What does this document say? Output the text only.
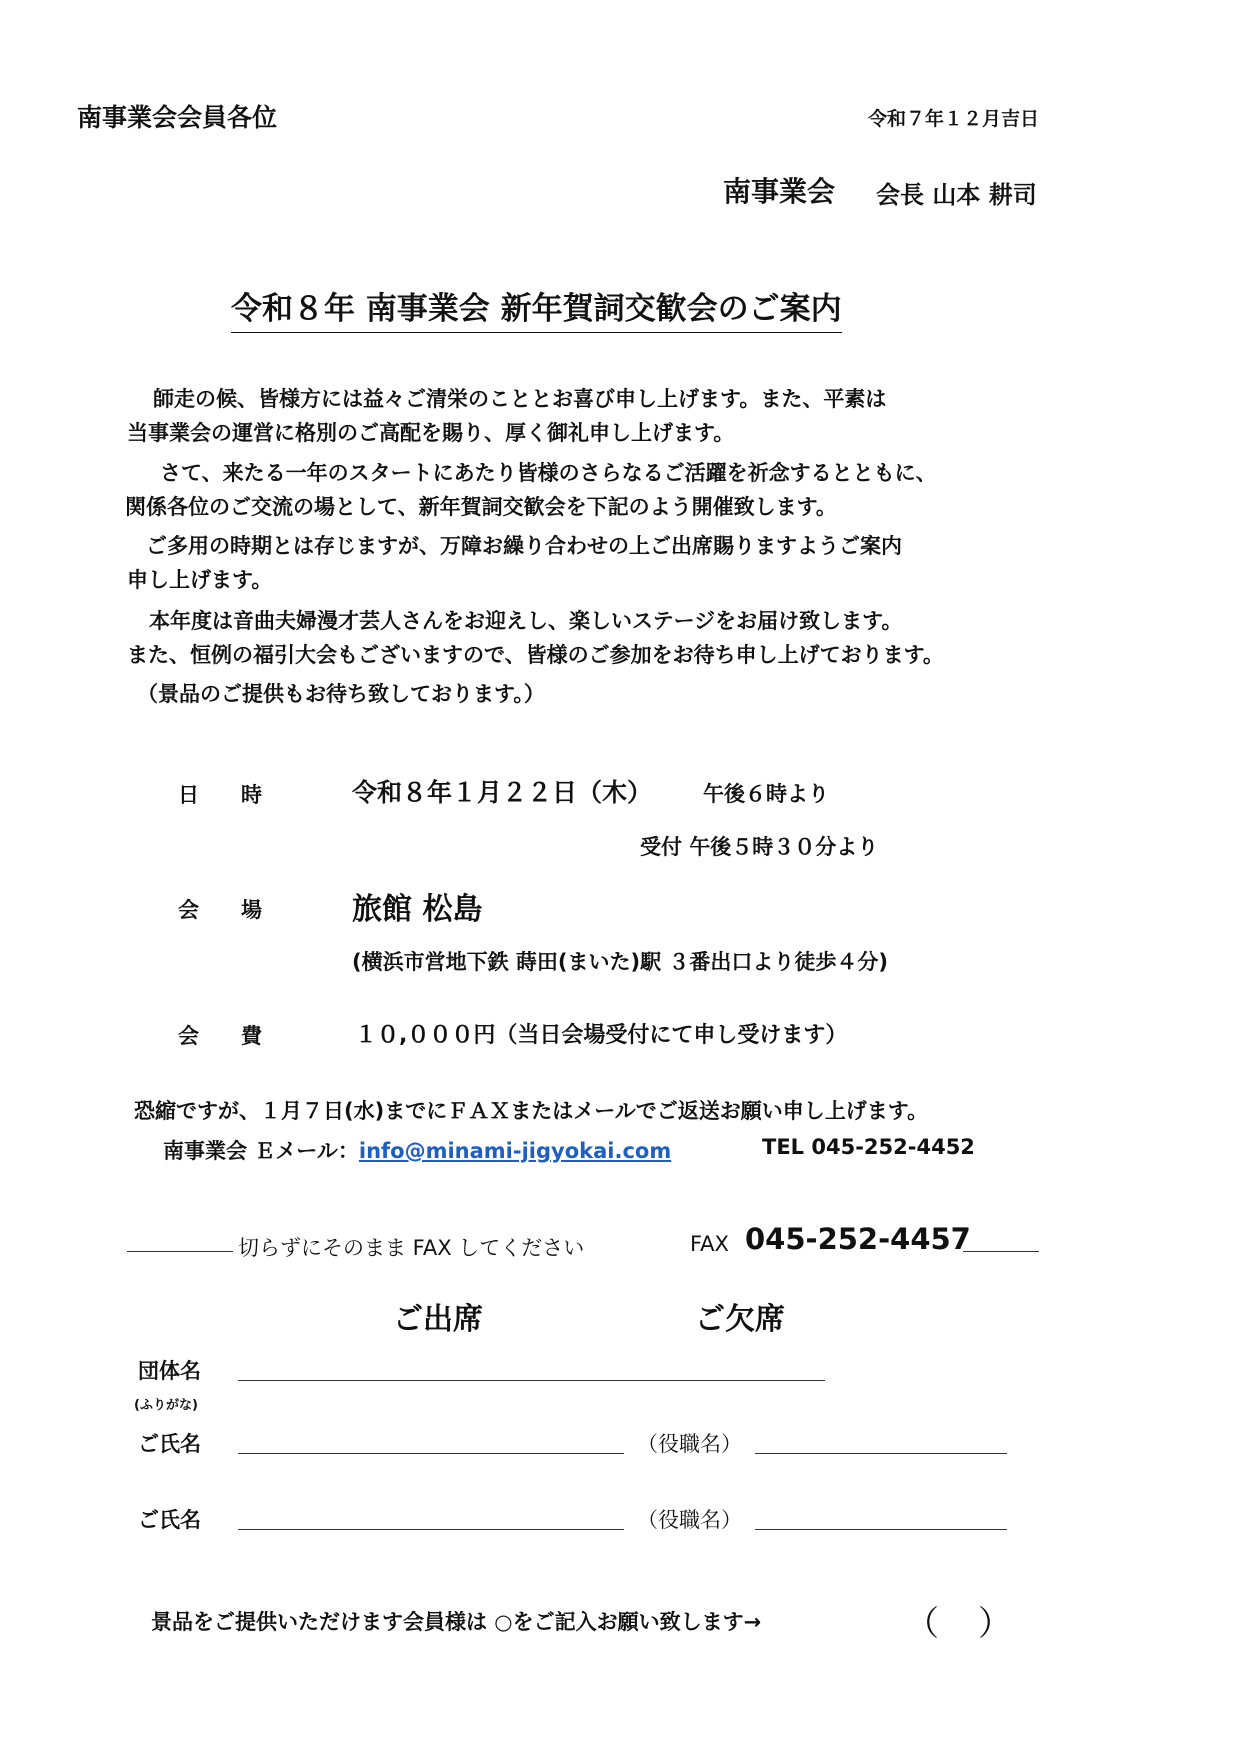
南事業会会員各位	令和７年１２月吉日
南事業会 会長 山本 耕司
令和８年 南事業会 新年賀詞交歓会のご案内
師走の候、皆様方には益々ご清栄のこととお喜び申し上げます。また、平素は
当事業会の運営に格別のご高配を賜り、厚く御礼申し上げます。
さて、来たる一年のスタートにあたり皆様のさらなるご活躍を祈念するとともに、
関係各位のご交流の場として、新年賀詞交歓会を下記のよう開催致します。
ご多用の時期とは存じますが、万障お繰り合わせの上ご出席賜りますようご案内
申し上げます。
本年度は音曲夫婦漫才芸人さんをお迎えし、楽しいステージをお届け致します。
また、恒例の福引大会もございますので、皆様のご参加をお待ち申し上げております。
（景品のご提供もお待ち致しております。）
日　　時	令和８年１月２２日（木） 午後６時より
受付 午後５時３０分より
会　　場	旅館 松島
(横浜市営地下鉄 蒔田(まいた)駅 ３番出口より徒歩４分)
会　　費	１０,０００円（当日会場受付にて申し受けます）
恐縮ですが、１月７日(水)までにＦＡＸまたはメールでご返送お願い申し上げます。
南事業会 Ｅメール：info@minami-jigyokai.com	TEL 045-252-4452
切らずにそのまま FAX してください	FAX 045-252-4457
ご出席	ご欠席
団体名
(ふりがな)
ご氏名	（役職名）
ご氏名	（役職名）
景品をご提供いただけます会員様は ○をご記入お願い致します→	（ ）
